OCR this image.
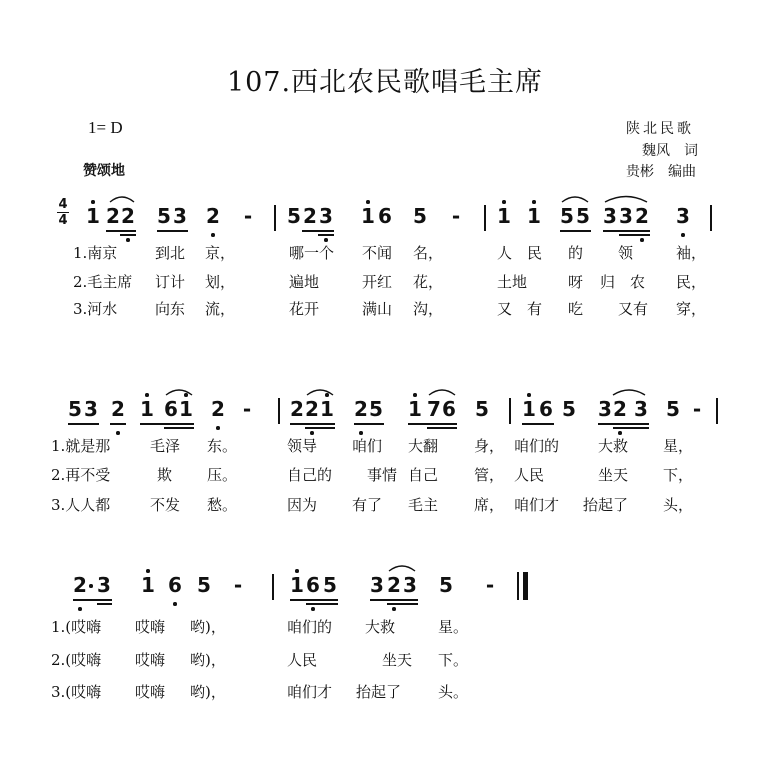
107.西北农民歌唱毛主席
1= D
赞颂地
陕北民歌
魏风　词
贵彬　编曲
4
4 1 2 2 5 3 2 - 5 2 3 1 6 5 - 1 1 5 5 3 3 2 3
1.南京	到北 京，	哪一个 不闻 名，	人 民 的 领	袖，
2.毛主席 订计 划，	遍地	开红 花，	土地	呀 归 农 民，
3.河水	向东 流，	花开	满山 沟，	又 有 吃 又有 穿，
5 3 2 1 6 1 2 - 2 2 1 2 5 1 7 6 5 1 6 5 3 2 3 5 -
1.就是那	毛泽 东。	领导 咱们 大翻 身， 咱们的	大救 星，
2.再不受	欺 压。	自己的 事情 自己 管， 人民	坐天 下，
3.人人都	不发 愁。	因为 有了 毛主 席， 咱们才 抬起了 头，
2 3 1 6 5 - 1 6 5 3 2 3 5 -
1.(哎嗨 哎嗨 哟)，	咱们的 大救	星。
2.(哎嗨 哎嗨 哟)，	人民	坐天 下。
3.(哎嗨 哎嗨 哟)，	咱们才 抬起了 头。
